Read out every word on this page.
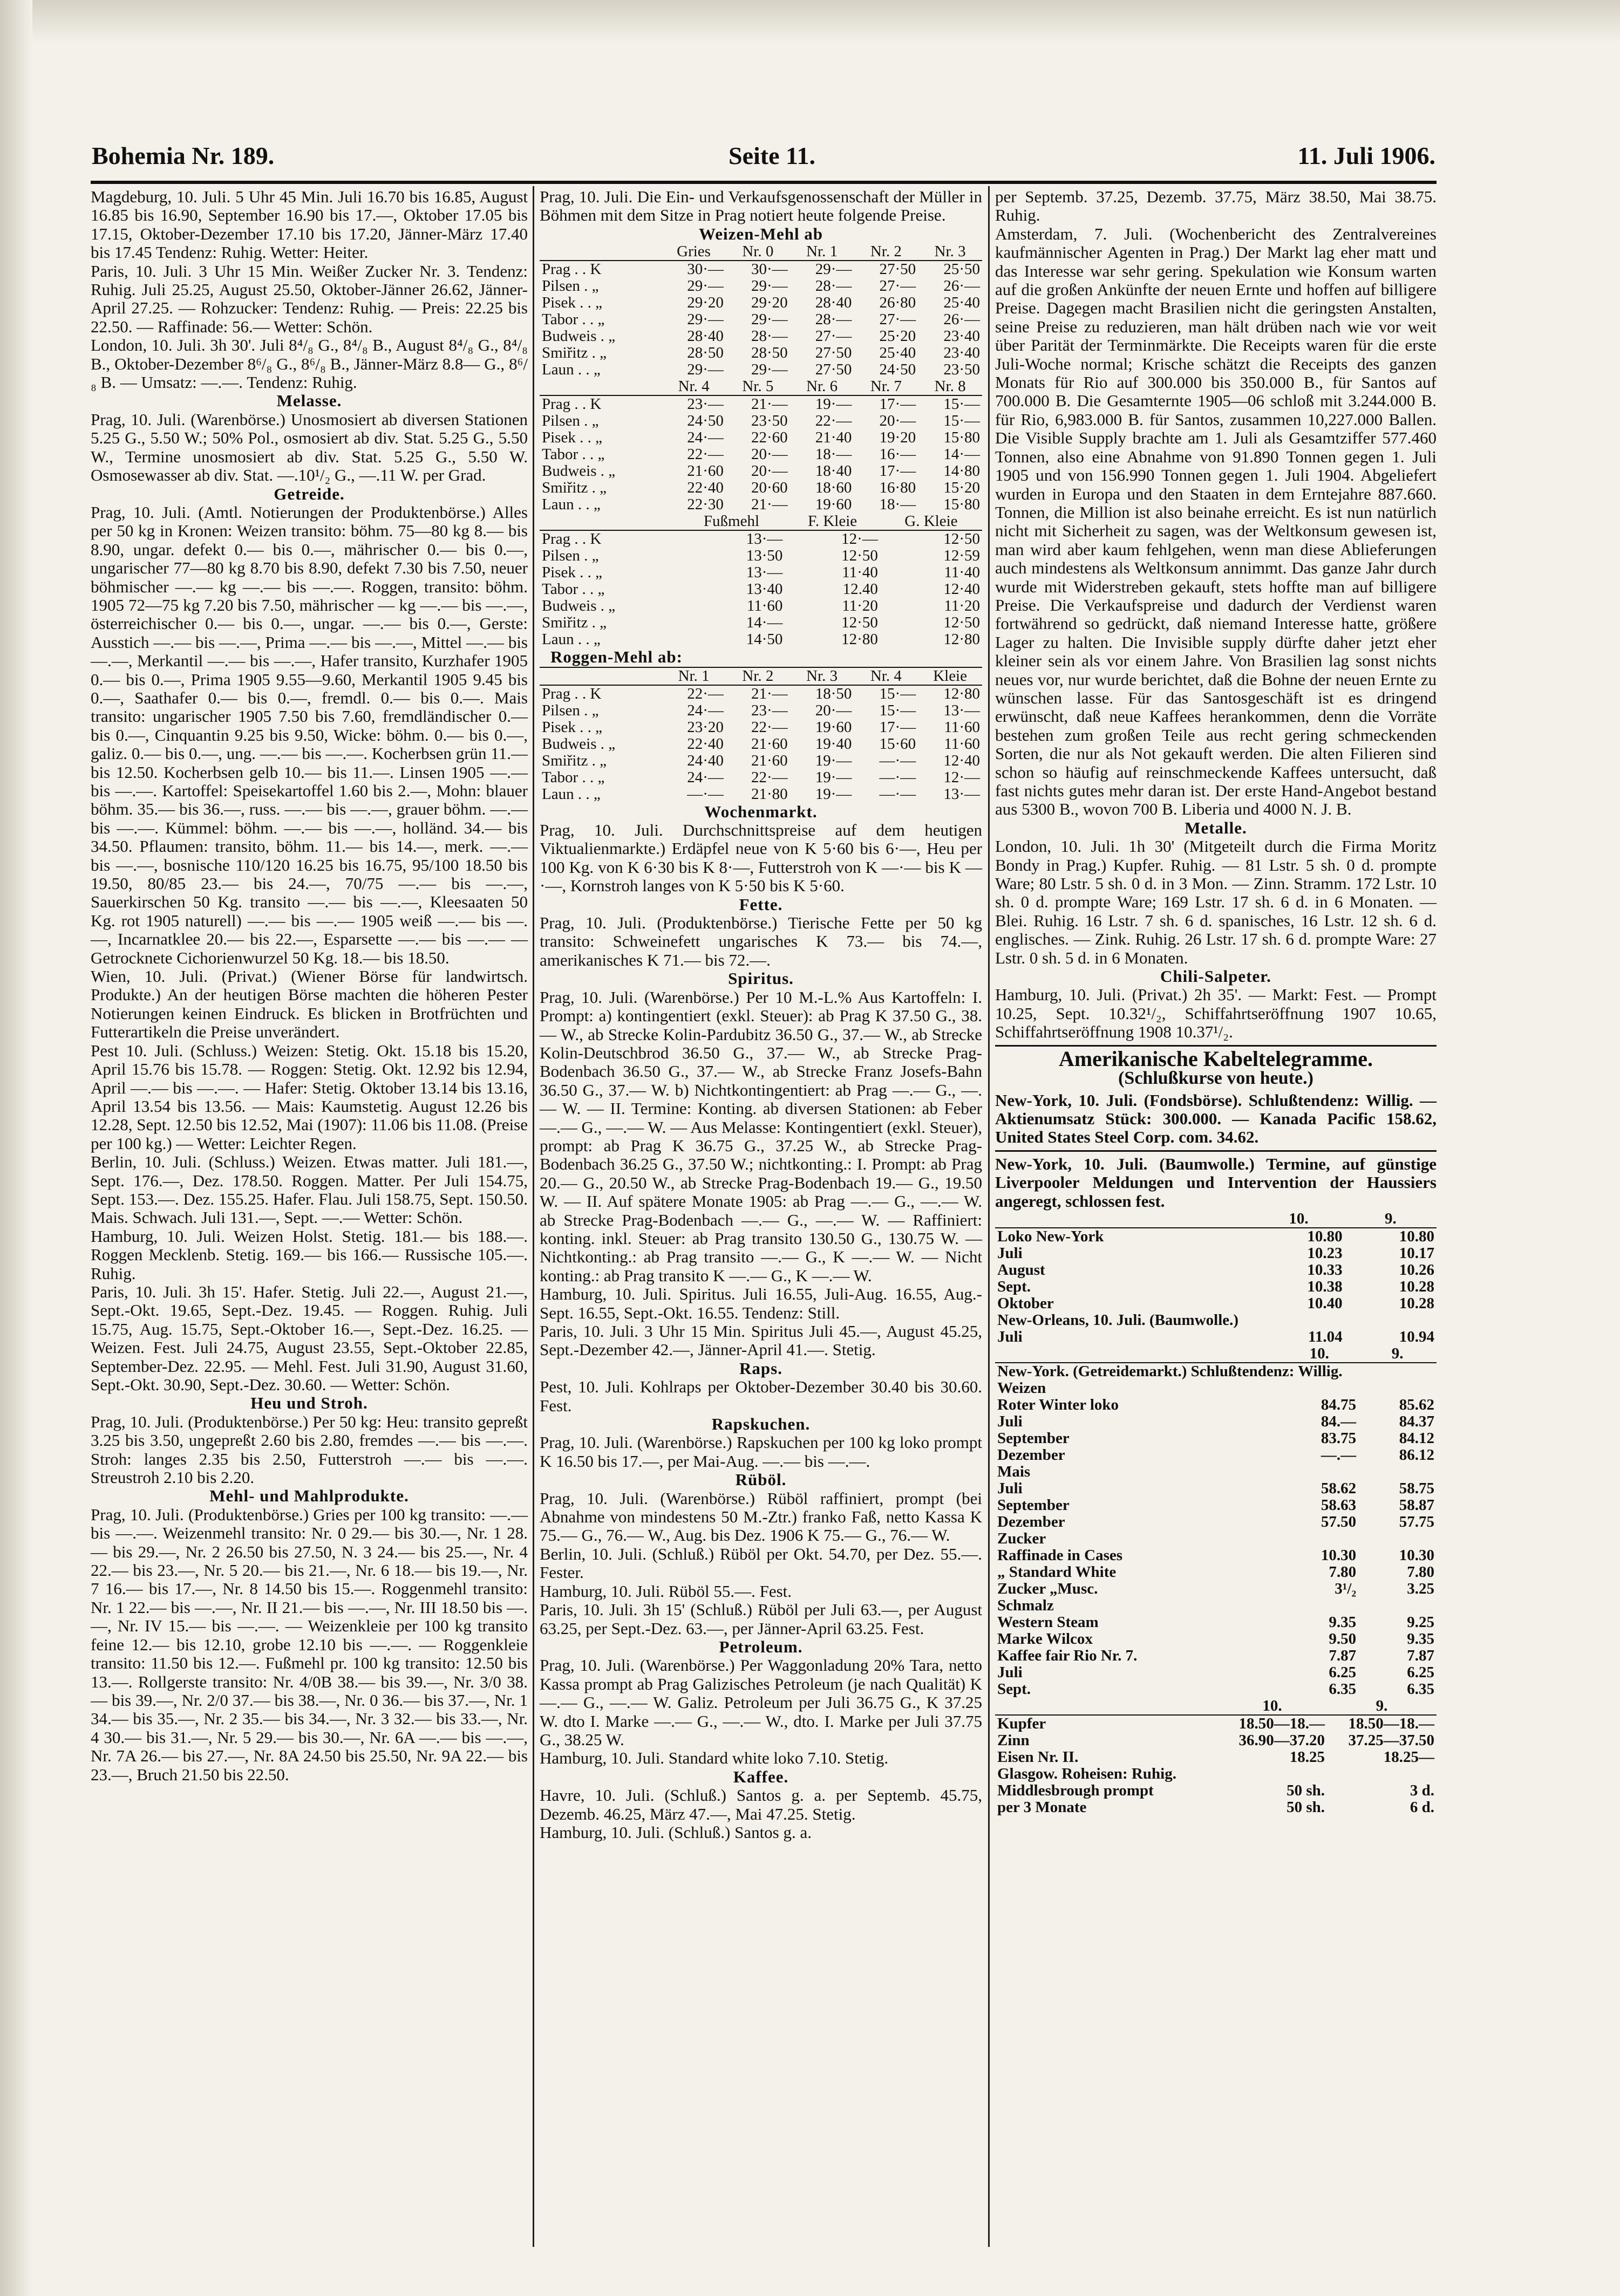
Bohemia Nr. 189.	Seite 11.	11. Juli 1906.

Magdeburg, 10. Juli. 5 Uhr 45 Min. Juli 16.70 bis 16.85, August 16.85 bis 16.90, September 16.90 bis 17.—, Oktober 17.05 bis 17.15, Oktober-Dezember 17.10 bis 17.20, Jänner-März 17.40 bis 17.45 Tendenz: Ruhig. Wetter: Heiter.

Paris, 10. Juli. 3 Uhr 15 Min. Weißer Zucker Nr. 3. Tendenz: Ruhig. Juli 25.25, August 25.50, Oktober-Jänner 26.62, Jänner-April 27.25. — Rohzucker: Tendenz: Ruhig. — Preis: 22.25 bis 22.50. — Raffinade: 56.— Wetter: Schön.

London, 10. Juli. 3h 30'. Juli 8⁴/₈ G., 8⁴/₈ B., August 8⁴/₈ G., 8⁴/₈ B., Oktober-Dezember 8⁶/₈ G., 8⁶/₈ B., Jänner-März 8.8— G., 8⁶/₈ B. — Umsatz: —.—. Tendenz: Ruhig.

Melasse.

Prag, 10. Juli. (Warenbörse.) Unosmosiert ab diversen Stationen 5.25 G., 5.50 W.; 50% Pol., osmosiert ab div. Stat. 5.25 G., 5.50 W., Termine unosmosiert ab div. Stat. 5.25 G., 5.50 W. Osmosewasser ab div. Stat. —.10¹/₂ G., —.11 W. per Grad.

Getreide.

Prag, 10. Juli. (Amtl. Notierungen der Produktenbörse.) Alles per 50 kg in Kronen: Weizen transito: böhm. 75—80 kg 8.— bis 8.90, ungar. defekt 0.— bis 0.—, mährischer 0.— bis 0.—, ungarischer 77—80 kg 8.70 bis 8.90, defekt 7.30 bis 7.50, neuer böhmischer —.— kg —.— bis —.—. Roggen, transito: böhm. 1905 72—75 kg 7.20 bis 7.50, mährischer — kg —.— bis —.—, österreichischer 0.— bis 0.—, ungar. —.— bis 0.—, Gerste: Ausstich —.— bis —.—, Prima —.— bis —.—, Mittel —.— bis —.—, Merkantil —.— bis —.—, Hafer transito, Kurzhafer 1905 0.— bis 0.—, Prima 1905 9.55—9.60, Merkantil 1905 9.45 bis 0.—, Saathafer 0.— bis 0.—, fremdl. 0.— bis 0.—. Mais transito: ungarischer 1905 7.50 bis 7.60, fremdländischer 0.— bis 0.—, Cinquantin 9.25 bis 9.50, Wicke: böhm. 0.— bis 0.—, galiz. 0.— bis 0.—, ung. —.— bis —.—. Kocherbsen grün 11.— bis 12.50. Kocherbsen gelb 10.— bis 11.—. Linsen 1905 —.— bis —.—. Kartoffel: Speisekartoffel 1.60 bis 2.—, Mohn: blauer böhm. 35.— bis 36.—, russ. —.— bis —.—, grauer böhm. —.— bis —.—. Kümmel: böhm. —.— bis —.—, holländ. 34.— bis 34.50. Pflaumen: transito, böhm. 11.— bis 14.—, merk. —.— bis —.—, bosnische 110/120 16.25 bis 16.75, 95/100 18.50 bis 19.50, 80/85 23.— bis 24.—, 70/75 —.— bis —.—, Sauerkirschen 50 Kg. transito —.— bis —.—, Kleesaaten 50 Kg. rot 1905 naturell) —.— bis —.— 1905 weiß —.— bis —.—, Incarnatklee 20.— bis 22.—, Esparsette —.— bis —.— — Getrocknete Cichorienwurzel 50 Kg. 18.— bis 18.50.

Wien, 10. Juli. (Privat.) (Wiener Börse für landwirtsch. Produkte.) An der heutigen Börse machten die höheren Pester Notierungen keinen Eindruck. Es blicken in Brotfrüchten und Futterartikeln die Preise unverändert.

Pest 10. Juli. (Schluss.) Weizen: Stetig. Okt. 15.18 bis 15.20, April 15.76 bis 15.78. — Roggen: Stetig. Okt. 12.92 bis 12.94, April —.— bis —.—. — Hafer: Stetig. Oktober 13.14 bis 13.16, April 13.54 bis 13.56. — Mais: Kaumstetig. August 12.26 bis 12.28, Sept. 12.50 bis 12.52, Mai (1907): 11.06 bis 11.08. (Preise per 100 kg.) — Wetter: Leichter Regen.

Berlin, 10. Juli. (Schluss.) Weizen. Etwas matter. Juli 181.—, Sept. 176.—, Dez. 178.50. Roggen. Matter. Per Juli 154.75, Sept. 153.—. Dez. 155.25. Hafer. Flau. Juli 158.75, Sept. 150.50. Mais. Schwach. Juli 131.—, Sept. —.— Wetter: Schön.

Hamburg, 10. Juli. Weizen Holst. Stetig. 181.— bis 188.—. Roggen Mecklenb. Stetig. 169.— bis 166.— Russische 105.—. Ruhig.

Paris, 10. Juli. 3h 15'. Hafer. Stetig. Juli 22.—, August 21.—, Sept.-Okt. 19.65, Sept.-Dez. 19.45. — Roggen. Ruhig. Juli 15.75, Aug. 15.75, Sept.-Oktober 16.—, Sept.-Dez. 16.25. — Weizen. Fest. Juli 24.75, August 23.55, Sept.-Oktober 22.85, September-Dez. 22.95. — Mehl. Fest. Juli 31.90, August 31.60, Sept.-Okt. 30.90, Sept.-Dez. 30.60. — Wetter: Schön.

Heu und Stroh.

Prag, 10. Juli. (Produktenbörse.) Per 50 kg: Heu: transito gepreßt 3.25 bis 3.50, ungepreßt 2.60 bis 2.80, fremdes —.— bis —.—. Stroh: langes 2.35 bis 2.50, Futterstroh —.— bis —.—. Streustroh 2.10 bis 2.20.

Mehl- und Mahlprodukte.

Prag, 10. Juli. (Produktenbörse.) Gries per 100 kg transito: —.— bis —.—. Weizenmehl transito: Nr. 0 29.— bis 30.—, Nr. 1 28.— bis 29.—, Nr. 2 26.50 bis 27.50, N. 3 24.— bis 25.—, Nr. 4 22.— bis 23.—, Nr. 5 20.— bis 21.—, Nr. 6 18.— bis 19.—, Nr. 7 16.— bis 17.—, Nr. 8 14.50 bis 15.—. Roggenmehl transito: Nr. 1 22.— bis —.—, Nr. II 21.— bis —.—, Nr. III 18.50 bis —.—, Nr. IV 15.— bis —.—. — Weizenkleie per 100 kg transito feine 12.— bis 12.10, grobe 12.10 bis —.—. — Roggenkleie transito: 11.50 bis 12.—. Fußmehl pr. 100 kg transito: 12.50 bis 13.—. Rollgerste transito: Nr. 4/0B 38.— bis 39.—, Nr. 3/0 38.— bis 39.—, Nr. 2/0 37.— bis 38.—, Nr. 0 36.— bis 37.—, Nr. 1 34.— bis 35.—, Nr. 2 35.— bis 34.—, Nr. 3 32.— bis 33.—, Nr. 4 30.— bis 31.—, Nr. 5 29.— bis 30.—, Nr. 6A —.— bis —.—, Nr. 7A 26.— bis 27.—, Nr. 8A 24.50 bis 25.50, Nr. 9A 22.— bis 23.—, Bruch 21.50 bis 22.50.

Prag, 10. Juli. Die Ein- und Verkaufsgenossenschaft der Müller in Böhmen mit dem Sitze in Prag notiert heute folgende Preise.

Weizen-Mehl ab

	Gries	Nr. 0	Nr. 1	Nr. 2	Nr. 3
Prag . . K	30·—	30·—	29·—	27·50	25·50
Pilsen . „	29·—	29·—	28·—	27·—	26·—
Pisek . . „	29·20	29·20	28·40	26·80	25·40
Tabor . . „	29·—	29·—	28·—	27·—	26·—
Budweis . „	28·40	28·—	27·—	25·20	23·40
Smiřitz . „	28·50	28·50	27·50	25·40	23·40
Laun . . „	29·—	29·—	27·50	24·50	23·50
	Nr. 4	Nr. 5	Nr. 6	Nr. 7	Nr. 8
Prag . . K	23·—	21·—	19·—	17·—	15·—
Pilsen . „	24·50	23·50	22·—	20·—	15·—
Pisek . . „	24·—	22·60	21·40	19·20	15·80
Tabor . . „	22·—	20·—	18·—	16·—	14·—
Budweis . „	21·60	20·—	18·40	17·—	14·80
Smiřitz . „	22·40	20·60	18·60	16·80	15·20
Laun . . „	22·30	21·—	19·60	18·—	15·80
	Fußmehl	F. Kleie	G. Kleie
Prag . . K	13·—	12·—	12·50
Pilsen . „	13·50	12·50	12·59
Pisek . . „	13·—	11·40	11·40
Tabor . . „	13·40	12.40	12·40
Budweis . „	11·60	11·20	11·20
Smiřitz . „	14·—	12·50	12·50
Laun . . „	14·50	12·80	12·80

Roggen-Mehl ab:

	Nr. 1	Nr. 2	Nr. 3	Nr. 4	Kleie
Prag . . K	22·—	21·—	18·50	15·—	12·80
Pilsen . „	24·—	23·—	20·—	15·—	13·—
Pisek . . „	23·20	22·—	19·60	17·—	11·60
Budweis . „	22·40	21·60	19·40	15·60	11·60
Smiřitz . „	24·40	21·60	19·—	—·—	12·40
Tabor . . „	24·—	22·—	19·—	—·—	12·—
Laun . . „	—·—	21·80	19·—	—·—	13·—

Wochenmarkt.

Prag, 10. Juli. Durchschnittspreise auf dem heutigen Viktualienmarkte.) Erdäpfel neue von K 5·60 bis 6·—, Heu per 100 Kg. von K 6·30 bis K 8·—, Futterstroh von K —·— bis K —·—, Kornstroh langes von K 5·50 bis K 5·60.

Fette.

Prag, 10. Juli. (Produktenbörse.) Tierische Fette per 50 kg transito: Schweinefett ungarisches K 73.— bis 74.—, amerikanisches K 71.— bis 72.—.

Spiritus.

Prag, 10. Juli. (Warenbörse.) Per 10 M.-L.% Aus Kartoffeln: I. Prompt: a) kontingentiert (exkl. Steuer): ab Prag K 37.50 G., 38.— W., ab Strecke Kolin-Pardubitz 36.50 G., 37.— W., ab Strecke Kolin-Deutschbrod 36.50 G., 37.— W., ab Strecke Prag-Bodenbach 36.50 G., 37.— W., ab Strecke Franz Josefs-Bahn 36.50 G., 37.— W. b) Nichtkontingentiert: ab Prag —.— G., —.— W. — II. Termine: Konting. ab diversen Stationen: ab Feber —.— G., —.— W. — Aus Melasse: Kontingentiert (exkl. Steuer), prompt: ab Prag K 36.75 G., 37.25 W., ab Strecke Prag-Bodenbach 36.25 G., 37.50 W.; nichtkonting.: I. Prompt: ab Prag 20.— G., 20.50 W., ab Strecke Prag-Bodenbach 19.— G., 19.50 W. — II. Auf spätere Monate 1905: ab Prag —.— G., —.— W. ab Strecke Prag-Bodenbach —.— G., —.— W. — Raffiniert: konting. inkl. Steuer: ab Prag transito 130.50 G., 130.75 W. — Nichtkonting.: ab Prag transito —.— G., K —.— W. — Nicht konting.: ab Prag transito K —.— G., K —.— W.

Hamburg, 10. Juli. Spiritus. Juli 16.55, Juli-Aug. 16.55, Aug.-Sept. 16.55, Sept.-Okt. 16.55. Tendenz: Still.

Paris, 10. Juli. 3 Uhr 15 Min. Spiritus Juli 45.—, August 45.25, Sept.-Dezember 42.—, Jänner-April 41.—. Stetig.

Raps.

Pest, 10. Juli. Kohlraps per Oktober-Dezember 30.40 bis 30.60. Fest.

Rapskuchen.

Prag, 10. Juli. (Warenbörse.) Rapskuchen per 100 kg loko prompt K 16.50 bis 17.—, per Mai-Aug. —.— bis —.—.

Rüböl.

Prag, 10. Juli. (Warenbörse.) Rüböl raffiniert, prompt (bei Abnahme von mindestens 50 M.-Ztr.) franko Faß, netto Kassa K 75.— G., 76.— W., Aug. bis Dez. 1906 K 75.— G., 76.— W.

Berlin, 10. Juli. (Schluß.) Rüböl per Okt. 54.70, per Dez. 55.—. Fester.

Hamburg, 10. Juli. Rüböl 55.—. Fest.

Paris, 10. Juli. 3h 15' (Schluß.) Rüböl per Juli 63.—, per August 63.25, per Sept.-Dez. 63.—, per Jänner-April 63.25. Fest.

Petroleum.

Prag, 10. Juli. (Warenbörse.) Per Waggonladung 20% Tara, netto Kassa prompt ab Prag Galizisches Petroleum (je nach Qualität) K —.— G., —.— W. Galiz. Petroleum per Juli 36.75 G., K 37.25 W. dto I. Marke —.— G., —.— W., dto. I. Marke per Juli 37.75 G., 38.25 W.

Hamburg, 10. Juli. Standard white loko 7.10. Stetig.

Kaffee.

Havre, 10. Juli. (Schluß.) Santos g. a. per Septemb. 45.75, Dezemb. 46.25, März 47.—, Mai 47.25. Stetig.

Hamburg, 10. Juli. (Schluß.) Santos g. a.

per Septemb. 37.25, Dezemb. 37.75, März 38.50, Mai 38.75. Ruhig.

Amsterdam, 7. Juli. (Wochenbericht des Zentralvereines kaufmännischer Agenten in Prag.) Der Markt lag eher matt und das Interesse war sehr gering. Spekulation wie Konsum warten auf die großen Ankünfte der neuen Ernte und hoffen auf billigere Preise. Dagegen macht Brasilien nicht die geringsten Anstalten, seine Preise zu reduzieren, man hält drüben nach wie vor weit über Parität der Terminmärkte. Die Receipts waren für die erste Juli-Woche normal; Krische schätzt die Receipts des ganzen Monats für Rio auf 300.000 bis 350.000 B., für Santos auf 700.000 B. Die Gesamternte 1905—06 schloß mit 3.244.000 B. für Rio, 6,983.000 B. für Santos, zusammen 10,227.000 Ballen. Die Visible Supply brachte am 1. Juli als Gesamtziffer 577.460 Tonnen, also eine Abnahme von 91.890 Tonnen gegen 1. Juli 1905 und von 156.990 Tonnen gegen 1. Juli 1904. Abgeliefert wurden in Europa und den Staaten in dem Erntejahre 887.660. Tonnen, die Million ist also beinahe erreicht. Es ist nun natürlich nicht mit Sicherheit zu sagen, was der Weltkonsum gewesen ist, man wird aber kaum fehlgehen, wenn man diese Ablieferungen auch mindestens als Weltkonsum annimmt. Das ganze Jahr durch wurde mit Widerstreben gekauft, stets hoffte man auf billigere Preise. Die Verkaufspreise und dadurch der Verdienst waren fortwährend so gedrückt, daß niemand Interesse hatte, größere Lager zu halten. Die Invisible supply dürfte daher jetzt eher kleiner sein als vor einem Jahre. Von Brasilien lag sonst nichts neues vor, nur wurde berichtet, daß die Bohne der neuen Ernte zu wünschen lasse. Für das Santosgeschäft ist es dringend erwünscht, daß neue Kaffees herankommen, denn die Vorräte bestehen zum großen Teile aus recht gering schmeckenden Sorten, die nur als Not gekauft werden. Die alten Filieren sind schon so häufig auf reinschmeckende Kaffees untersucht, daß fast nichts gutes mehr daran ist. Der erste Hand-Angebot bestand aus 5300 B., wovon 700 B. Liberia und 4000 N. J. B.

Metalle.

London, 10. Juli. 1h 30' (Mitgeteilt durch die Firma Moritz Bondy in Prag.) Kupfer. Ruhig. — 81 Lstr. 5 sh. 0 d. prompte Ware; 80 Lstr. 5 sh. 0 d. in 3 Mon. — Zinn. Stramm. 172 Lstr. 10 sh. 0 d. prompte Ware; 169 Lstr. 17 sh. 6 d. in 6 Monaten. — Blei. Ruhig. 16 Lstr. 7 sh. 6 d. spanisches, 16 Lstr. 12 sh. 6 d. englisches. — Zink. Ruhig. 26 Lstr. 17 sh. 6 d. prompte Ware: 27 Lstr. 0 sh. 5 d. in 6 Monaten.

Chili-Salpeter.

Hamburg, 10. Juli. (Privat.) 2h 35'. — Markt: Fest. — Prompt 10.25, Sept. 10.32¹/₂, Schiffahrtseröffnung 1907 10.65, Schiffahrtseröffnung 1908 10.37¹/₂.

Amerikanische Kabeltelegramme.

(Schlußkurse von heute.)

New-York, 10. Juli. (Fondsbörse). Schlußtendenz: Willig. — Aktienumsatz Stück: 300.000. — Kanada Pacific 158.62, United States Steel Corp. com. 34.62.

New-York, 10. Juli. (Baumwolle.) Termine, auf günstige Liverpooler Meldungen und Intervention der Haussiers angeregt, schlossen fest.

	10.	9.
Loko New-York	10.80	10.80
Juli	10.23	10.17
August	10.33	10.26
Sept.	10.38	10.28
Oktober	10.40	10.28
New-Orleans, 10. Juli. (Baumwolle.)		
Juli	11.04	10.94
	10.	9.
New-York. (Getreidemarkt.) Schlußtendenz: Willig.		
Weizen		
Roter Winter loko	84.75	85.62
Juli	84.—	84.37
September	83.75	84.12
Dezember	—.—	86.12
Mais		
Juli	58.62	58.75
September	58.63	58.87
Dezember	57.50	57.75
Zucker		
Raffinade in Cases	10.30	10.30
„ Standard White	7.80	7.80
Zucker „Musc.	3¹/₂	3.25
Schmalz		
Western Steam	9.35	9.25
Marke Wilcox	9.50	9.35
Kaffee fair Rio Nr. 7.	7.87	7.87
Juli	6.25	6.25
Sept.	6.35	6.35
	10.	9.
Kupfer	18.50—18.—	18.50—18.—
Zinn	36.90—37.20	37.25—37.50
Eisen Nr. II.	18.25	18.25—
Glasgow. Roheisen: Ruhig.		
Middlesbrough prompt	50 sh.	3 d.
per 3 Monate	50 sh.	6 d.
